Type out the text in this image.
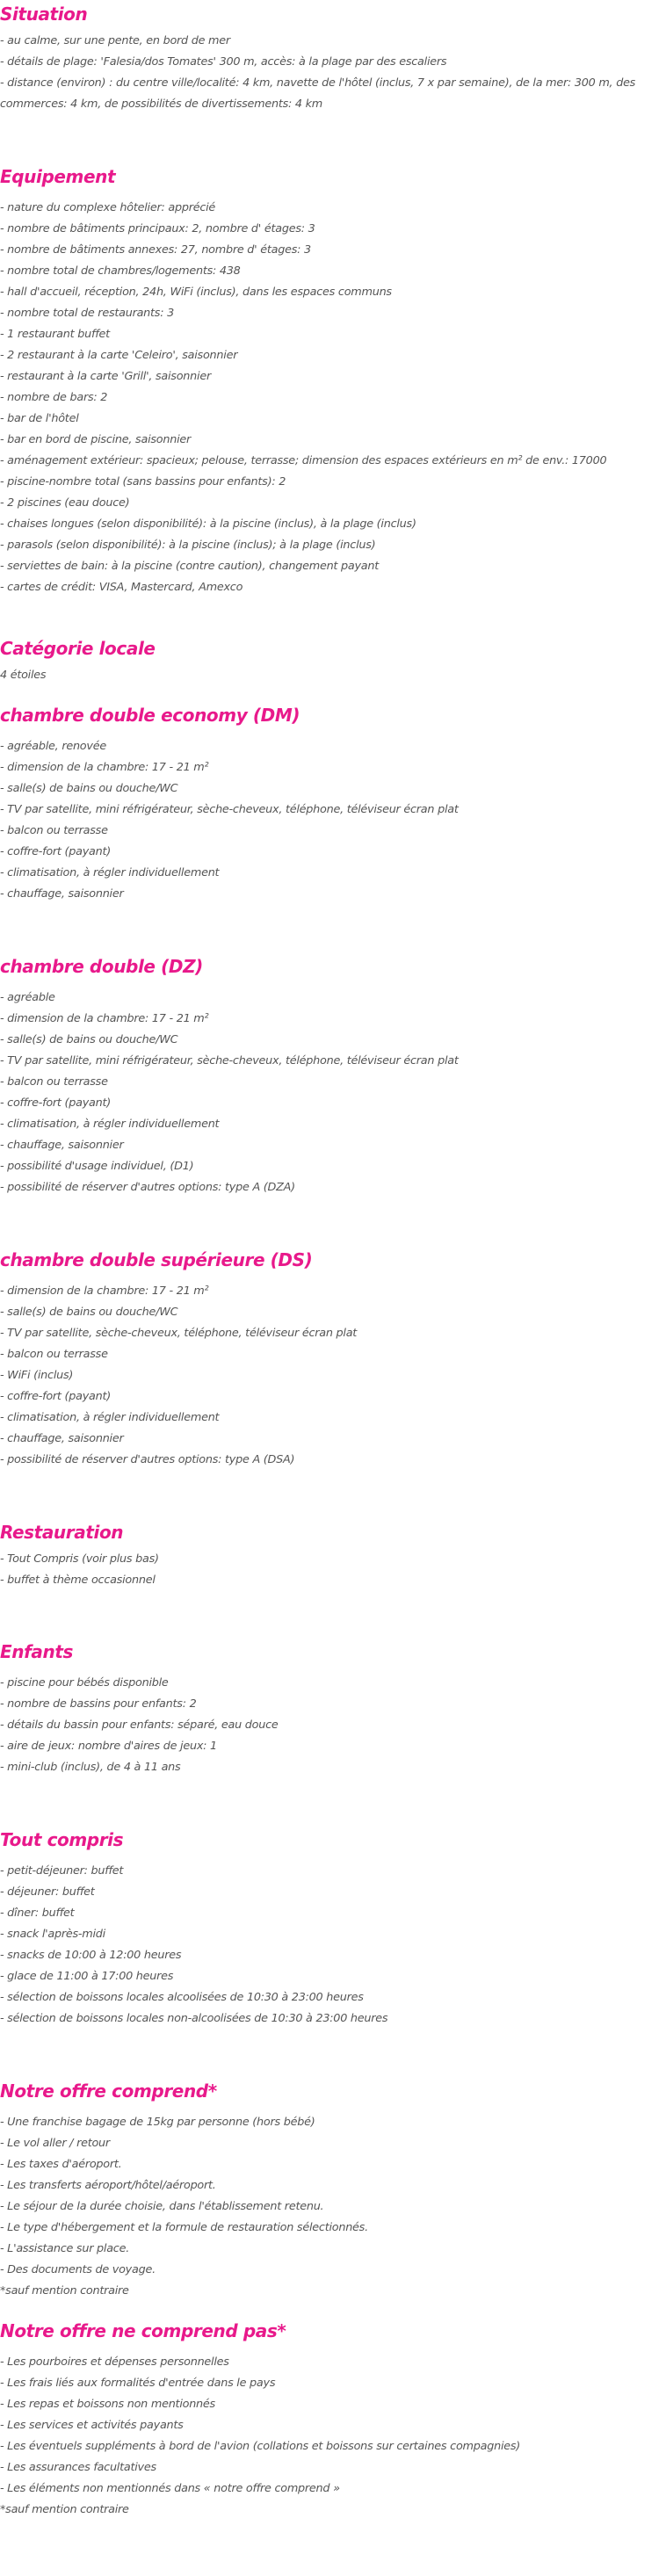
Situation
- au calme, sur une pente, en bord de mer
- détails de plage: 'Falesia/dos Tomates' 300 m, accès: à la plage par des escaliers
- distance (environ) : du centre ville/localité: 4 km, navette de l'hôtel (inclus, 7 x par semaine), de la mer: 300 m, des commerces: 4 km, de possibilités de divertissements: 4 km
Equipement
- nature du complexe hôtelier: apprécié
- nombre de bâtiments principaux: 2, nombre d' étages: 3
- nombre de bâtiments annexes: 27, nombre d' étages: 3
- nombre total de chambres/logements: 438
- hall d'accueil, réception, 24h, WiFi (inclus), dans les espaces communs
- nombre total de restaurants: 3
- 1 restaurant buffet
- 2 restaurant à la carte 'Celeiro', saisonnier
- restaurant à la carte 'Grill', saisonnier
- nombre de bars: 2
- bar de l'hôtel
- bar en bord de piscine, saisonnier
- aménagement extérieur: spacieux; pelouse, terrasse; dimension des espaces extérieurs en m² de env.: 17000
- piscine-nombre total (sans bassins pour enfants): 2
- 2 piscines (eau douce)
- chaises longues (selon disponibilité): à la piscine (inclus), à la plage (inclus)
- parasols (selon disponibilité): à la piscine (inclus); à la plage (inclus)
- serviettes de bain: à la piscine (contre caution), changement payant
- cartes de crédit: VISA, Mastercard, Amexco
Catégorie locale
4 étoiles
chambre double economy (DM)
- agréable, renovée
- dimension de la chambre: 17 - 21 m²
- salle(s) de bains ou douche/WC
- TV par satellite, mini réfrigérateur, sèche-cheveux, téléphone, téléviseur écran plat
- balcon ou terrasse
- coffre-fort (payant)
- climatisation, à régler individuellement
- chauffage, saisonnier
chambre double (DZ)
- agréable
- dimension de la chambre: 17 - 21 m²
- salle(s) de bains ou douche/WC
- TV par satellite, mini réfrigérateur, sèche-cheveux, téléphone, téléviseur écran plat
- balcon ou terrasse
- coffre-fort (payant)
- climatisation, à régler individuellement
- chauffage, saisonnier
- possibilité d'usage individuel, (D1)
- possibilité de réserver d'autres options: type A (DZA)
chambre double supérieure (DS)
- dimension de la chambre: 17 - 21 m²
- salle(s) de bains ou douche/WC
- TV par satellite, sèche-cheveux, téléphone, téléviseur écran plat
- balcon ou terrasse
- WiFi (inclus)
- coffre-fort (payant)
- climatisation, à régler individuellement
- chauffage, saisonnier
- possibilité de réserver d'autres options: type A (DSA)
Restauration
- Tout Compris (voir plus bas)
- buffet à thème occasionnel
Enfants
- piscine pour bébés disponible
- nombre de bassins pour enfants: 2
- détails du bassin pour enfants: séparé, eau douce
- aire de jeux: nombre d'aires de jeux: 1
- mini-club (inclus), de 4 à 11 ans
Tout compris
- petit-déjeuner: buffet
- déjeuner: buffet
- dîner: buffet
- snack l'après-midi
- snacks de 10:00 à 12:00 heures
- glace de 11:00 à 17:00 heures
- sélection de boissons locales alcoolisées de 10:30 à 23:00 heures
- sélection de boissons locales non-alcoolisées de 10:30 à 23:00 heures
Notre offre comprend*
- Une franchise bagage de 15kg par personne (hors bébé)
- Le vol aller / retour
- Les taxes d'aéroport.
- Les transferts aéroport/hôtel/aéroport.
- Le séjour de la durée choisie, dans l'établissement retenu.
- Le type d'hébergement et la formule de restauration sélectionnés.
- L'assistance sur place.
- Des documents de voyage.
*sauf mention contraire
Notre offre ne comprend pas*
- Les pourboires et dépenses personnelles
- Les frais liés aux formalités d'entrée dans le pays
- Les repas et boissons non mentionnés
- Les services et activités payants
- Les éventuels suppléments à bord de l'avion (collations et boissons sur certaines compagnies)
- Les assurances facultatives
- Les éléments non mentionnés dans « notre offre comprend »
*sauf mention contraire
